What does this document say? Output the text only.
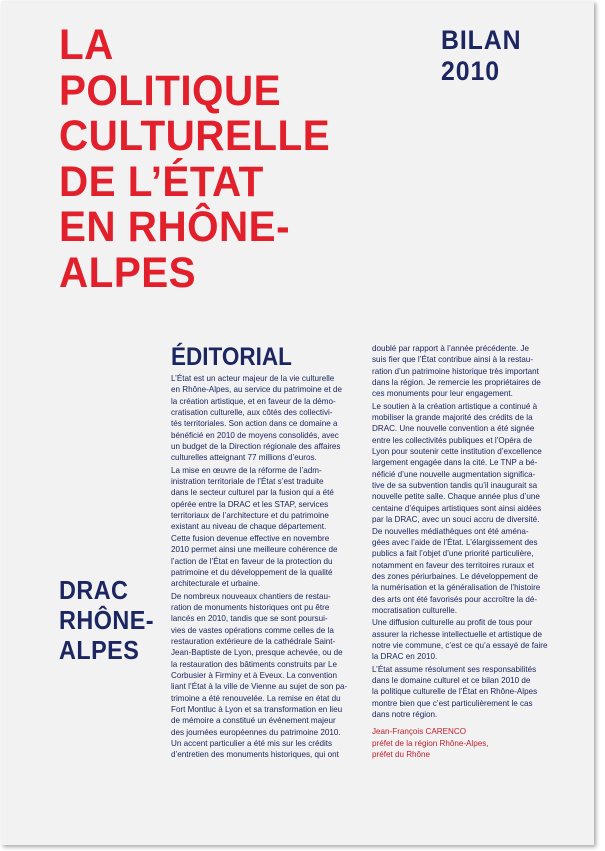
LA
POLITIQUE
CULTURELLE
DE L’ÉTAT
EN RHÔNE-
ALPES
BILAN
2010
DRAC
RHÔNE-
ALPES
ÉDITORIAL

L’État est un acteur majeur de la vie culturelle
en Rhône-Alpes, au service du patrimoine et de
la création artistique, et en faveur de la démo-
cratisation culturelle, aux côtés des collectivi-
tés territoriales. Son action dans ce domaine a
bénéficié en 2010 de moyens consolidés, avec
un budget de la Direction régionale des affaires
culturelles atteignant 77 millions d’euros.

La mise en œuvre de la réforme de l’adm-
inistration territoriale de l’État s’est traduite
dans le secteur culturel par la fusion qui a été
opérée entre la DRAC et les STAP, services
territoriaux de l’architecture et du patrimoine
existant au niveau de chaque département.
Cette fusion devenue effective en novembre
2010 permet ainsi une meilleure cohérence de
l’action de l’État en faveur de la protection du
patrimoine et du développement de la qualité
architecturale et urbaine.

De nombreux nouveaux chantiers de restau-
ration de monuments historiques ont pu être
lancés en 2010, tandis que se sont poursui-
vies de vastes opérations comme celles de la
restauration extérieure de la cathédrale Saint-
Jean-Baptiste de Lyon, presque achevée, ou de
la restauration des bâtiments construits par Le
Corbusier à Firminy et à Eveux. La convention
liant l’État à la ville de Vienne au sujet de son pa-
trimoine a été renouvelée. La remise en état du
Fort Montluc à Lyon et sa transformation en lieu
de mémoire a constitué un événement majeur
des journées européennes du patrimoine 2010.
Un accent particulier a été mis sur les crédits
d’entretien des monuments historiques, qui ont

doublé par rapport à l’année précédente. Je
suis fier que l’État contribue ainsi à la restau-
ration d’un patrimoine historique très important
dans la région. Je remercie les propriétaires de
ces monuments pour leur engagement.

Le soutien à la création artistique a continué à
mobiliser la grande majorité des crédits de la
DRAC. Une nouvelle convention a été signée
entre les collectivités publiques et l’Opéra de
Lyon pour soutenir cette institution d’excellence
largement engagée dans la cité. Le TNP a bé-
néficié d’une nouvelle augmentation significa-
tive de sa subvention tandis qu’il inaugurait sa
nouvelle petite salle. Chaque année plus d’une
centaine d’équipes artistiques sont ainsi aidées
par la DRAC, avec un souci accru de diversité.
De nouvelles médiathèques ont été aména-
gées avec l’aide de l’État. L’élargissement des
publics a fait l’objet d’une priorité particulière,
notamment en faveur des territoires ruraux et
des zones périurbaines. Le développement de
la numérisation et la généralisation de l’histoire
des arts ont été favorisés pour accroître la dé-
mocratisation culturelle.

Une diffusion culturelle au profit de tous pour
assurer la richesse intellectuelle et artistique de
notre vie commune, c’est ce qu’a essayé de faire
la DRAC en 2010.

L’État assume résolument ses responsabilités
dans le domaine culturel et ce bilan 2010 de
la politique culturelle de l’État en Rhône-Alpes
montre bien que c’est particulièrement le cas
dans notre région.

Jean-François CARENCO
préfet de la région Rhône-Alpes,
préfet du Rhône
